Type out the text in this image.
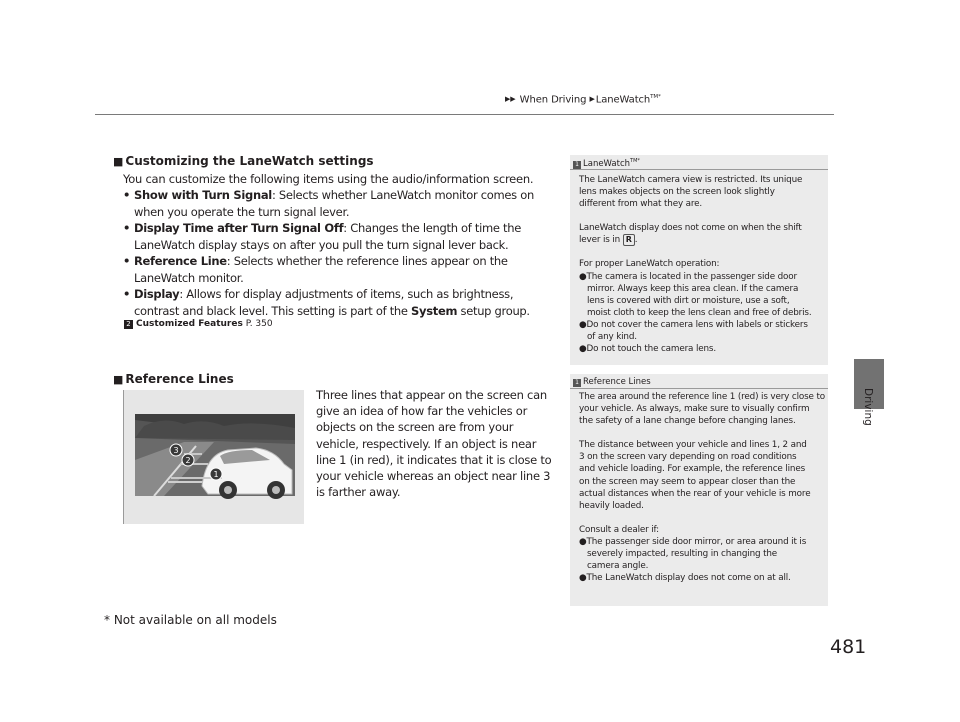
▶▶ When Driving ▶LaneWatch$^{TM*}$
Driving
■ Customizing the LaneWatch settings
You can customize the following items using the audio/information screen.
• Show with Turn Signal: Selects whether LaneWatch monitor comes on when you operate the turn signal lever.
• Display Time after Turn Signal Off: Changes the length of time the LaneWatch display stays on after you pull the turn signal lever back.
• Reference Line: Selects whether the reference lines appear on the LaneWatch monitor.
• Display: Allows for display adjustments of items, such as brightness, contrast and black level. This setting is part of the System setup group.
2 Customized Features P. 350
■ Reference Lines
3
2
1
Three lines that appear on the screen can give an idea of how far the vehicles or objects on the screen are from your vehicle, respectively. If an object is near line 1 (in red), it indicates that it is close to your vehicle whereas an object near line 3 is farther away.
1 LaneWatch$^{TM*}$
The LaneWatch camera view is restricted. Its unique
lens makes objects on the screen look slightly
different from what they are.
LaneWatch display does not come on when the shift
lever is in R .
For proper LaneWatch operation:
●The camera is located in the passenger side door
mirror. Always keep this area clean. If the camera
lens is covered with dirt or moisture, use a soft,
moist cloth to keep the lens clean and free of debris.
●Do not cover the camera lens with labels or stickers
of any kind.
●Do not touch the camera lens.
1 Reference Lines
The area around the reference line 1 (red) is very close to
your vehicle. As always, make sure to visually confirm
the safety of a lane change before changing lanes.
The distance between your vehicle and lines 1, 2 and
3 on the screen vary depending on road conditions
and vehicle loading. For example, the reference lines
on the screen may seem to appear closer than the
actual distances when the rear of your vehicle is more
heavily loaded.
Consult a dealer if:
●The passenger side door mirror, or area around it is
severely impacted, resulting in changing the
camera angle.
●The LaneWatch display does not come on at all.
* Not available on all models
481
